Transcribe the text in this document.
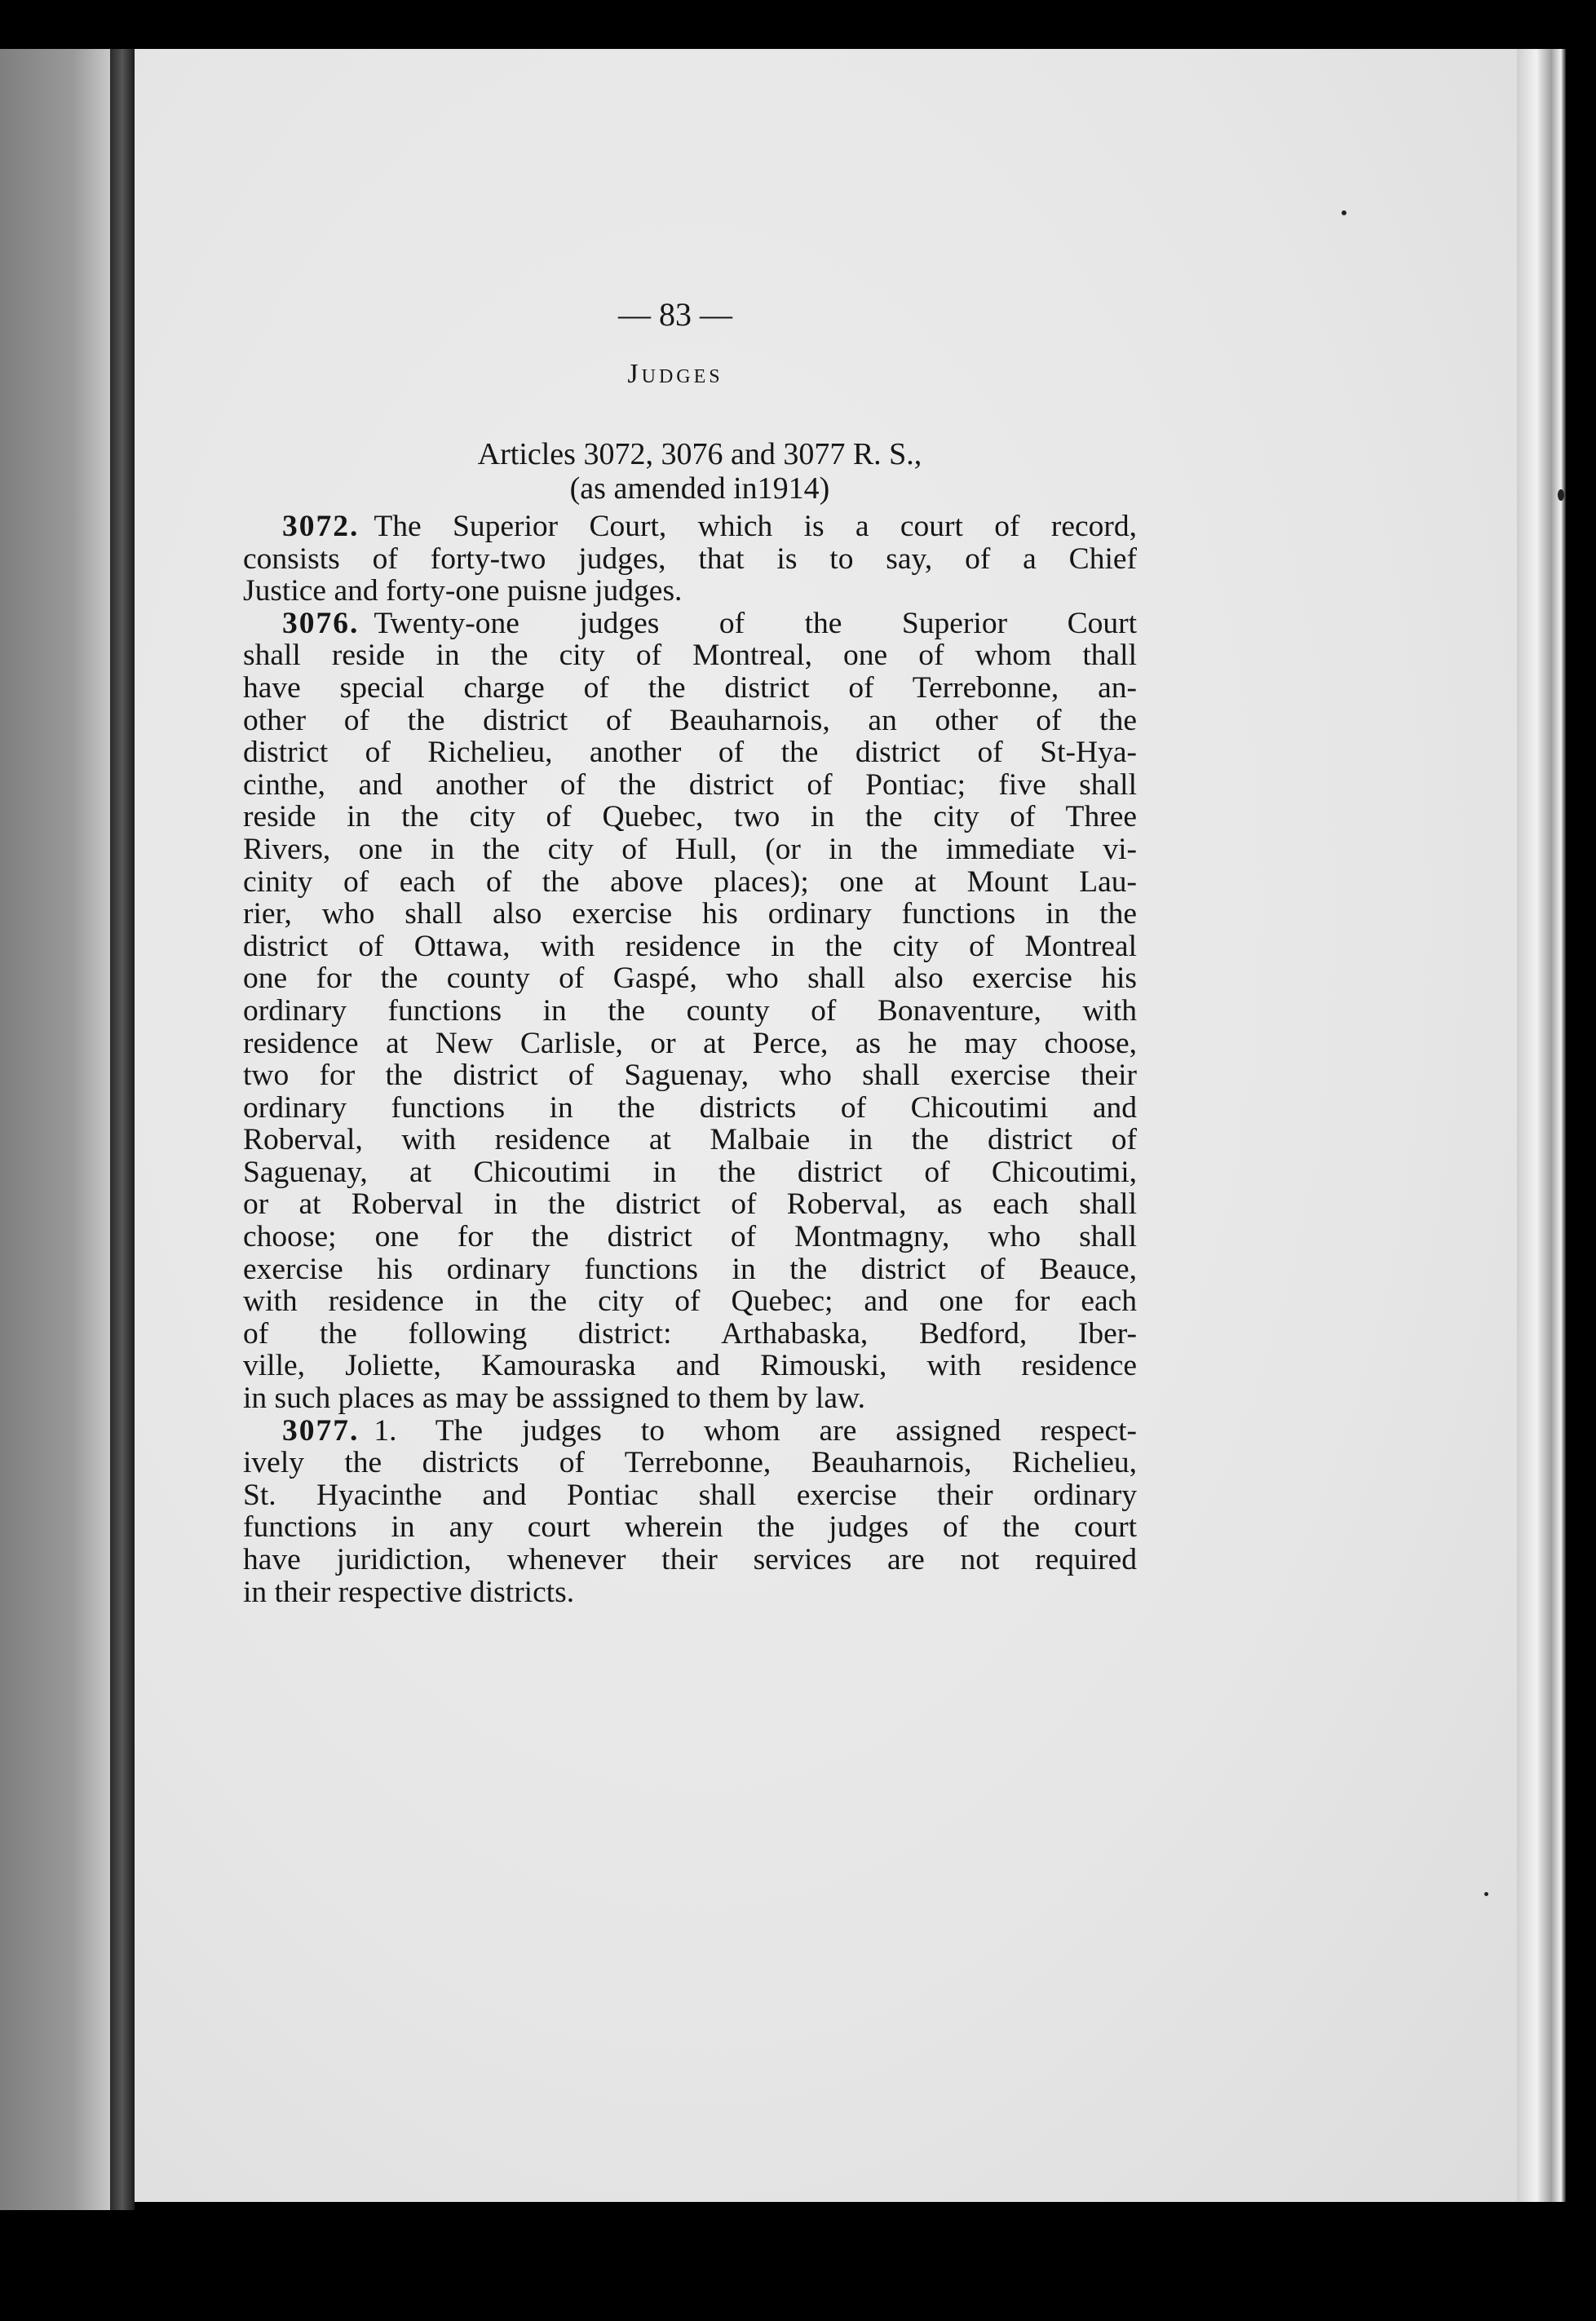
— 83 —
Judges
Articles 3072, 3076 and 3077 R. S.,
(as amended in1914)
3072. The Superior Court, which is a court of record,
consists of forty-two judges, that is to say, of a Chief
Justice and forty-one puisne judges.
3076. Twenty-one judges of the Superior Court
shall reside in the city of Montreal, one of whom thall
have special charge of the district of Terrebonne, an-
other of the district of Beauharnois, an other of the
district of Richelieu, another of the district of St-Hya-
cinthe, and another of the district of Pontiac; five shall
reside in the city of Quebec, two in the city of Three
Rivers, one in the city of Hull, (or in the immediate vi-
cinity of each of the above places); one at Mount Lau-
rier, who shall also exercise his ordinary functions in the
district of Ottawa, with residence in the city of Montreal
one for the county of Gaspé, who shall also exercise his
ordinary functions in the county of Bonaventure, with
residence at New Carlisle, or at Perce, as he may choose,
two for the district of Saguenay, who shall exercise their
ordinary functions in the districts of Chicoutimi and
Roberval, with residence at Malbaie in the district of
Saguenay, at Chicoutimi in the district of Chicoutimi,
or at Roberval in the district of Roberval, as each shall
choose; one for the district of Montmagny, who shall
exercise his ordinary functions in the district of Beauce,
with residence in the city of Quebec; and one for each
of the following district: Arthabaska, Bedford, Iber-
ville, Joliette, Kamouraska and Rimouski, with residence
in such places as may be asssigned to them by law.
3077. 1. The judges to whom are assigned respect-
ively the districts of Terrebonne, Beauharnois, Richelieu,
St. Hyacinthe and Pontiac shall exercise their ordinary
functions in any court wherein the judges of the court
have juridiction, whenever their services are not required
in their respective districts.
